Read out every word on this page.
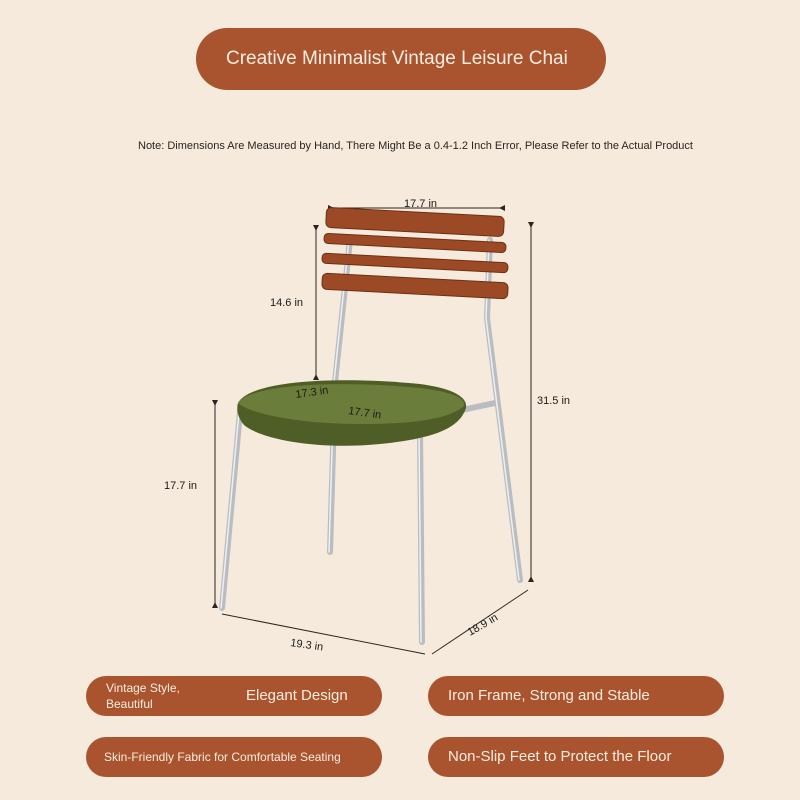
Creative Minimalist Vintage Leisure Chai
Note: Dimensions Are Measured by Hand, There Might Be a 0.4-1.2 Inch Error, Please Refer to the Actual Product
17.7 in
14.6 in
31.5 in
17.3 in
17.7 in
17.7 in
19.3 in
18.9 in
Vintage Style,
Beautiful	Elegant Design	Iron Frame, Strong and Stable
Skin-Friendly Fabric for Comfortable Seating	Non-Slip Feet to Protect the Floor
